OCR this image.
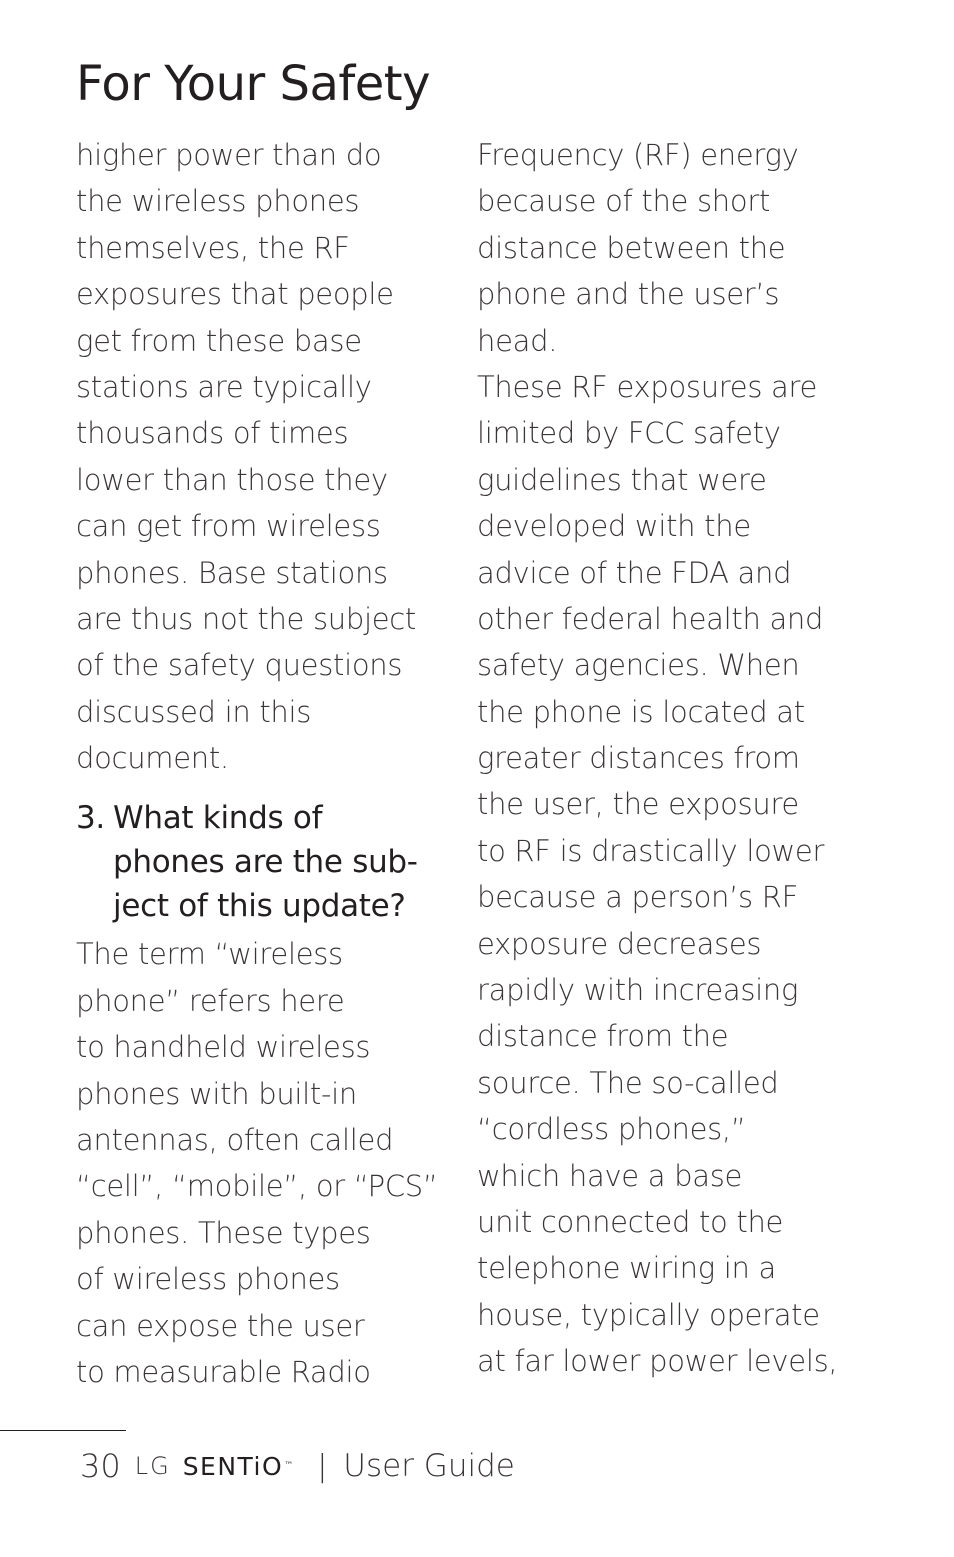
For Your Safety
higher power than do
the wireless phones
themselves, the RF
exposures that people
get from these base
stations are typically
thousands of times
lower than those they
can get from wireless
phones. Base stations
are thus not the subject
of the safety questions
discussed in this
document.
3. What kinds of
phones are the sub-
ject of this update?
The term “wireless
phone” refers here
to handheld wireless
phones with built-in
antennas, often called
“cell”, “mobile”, or “PCS”
phones. These types
of wireless phones
can expose the user
to measurable Radio
Frequency (RF) energy
because of the short
distance between the
phone and the user’s
head.
These RF exposures are
limited by FCC safety
guidelines that were
developed with the
advice of the FDA and
other federal health and
safety agencies. When
the phone is located at
greater distances from
the user, the exposure
to RF is drastically lower
because a person’s RF
exposure decreases
rapidly with increasing
distance from the
source. The so-called
“cordless phones,”
which have a base
unit connected to the
telephone wiring in a
house, typically operate
at far lower power levels,
30 LG SENTiO ™ | User Guide
